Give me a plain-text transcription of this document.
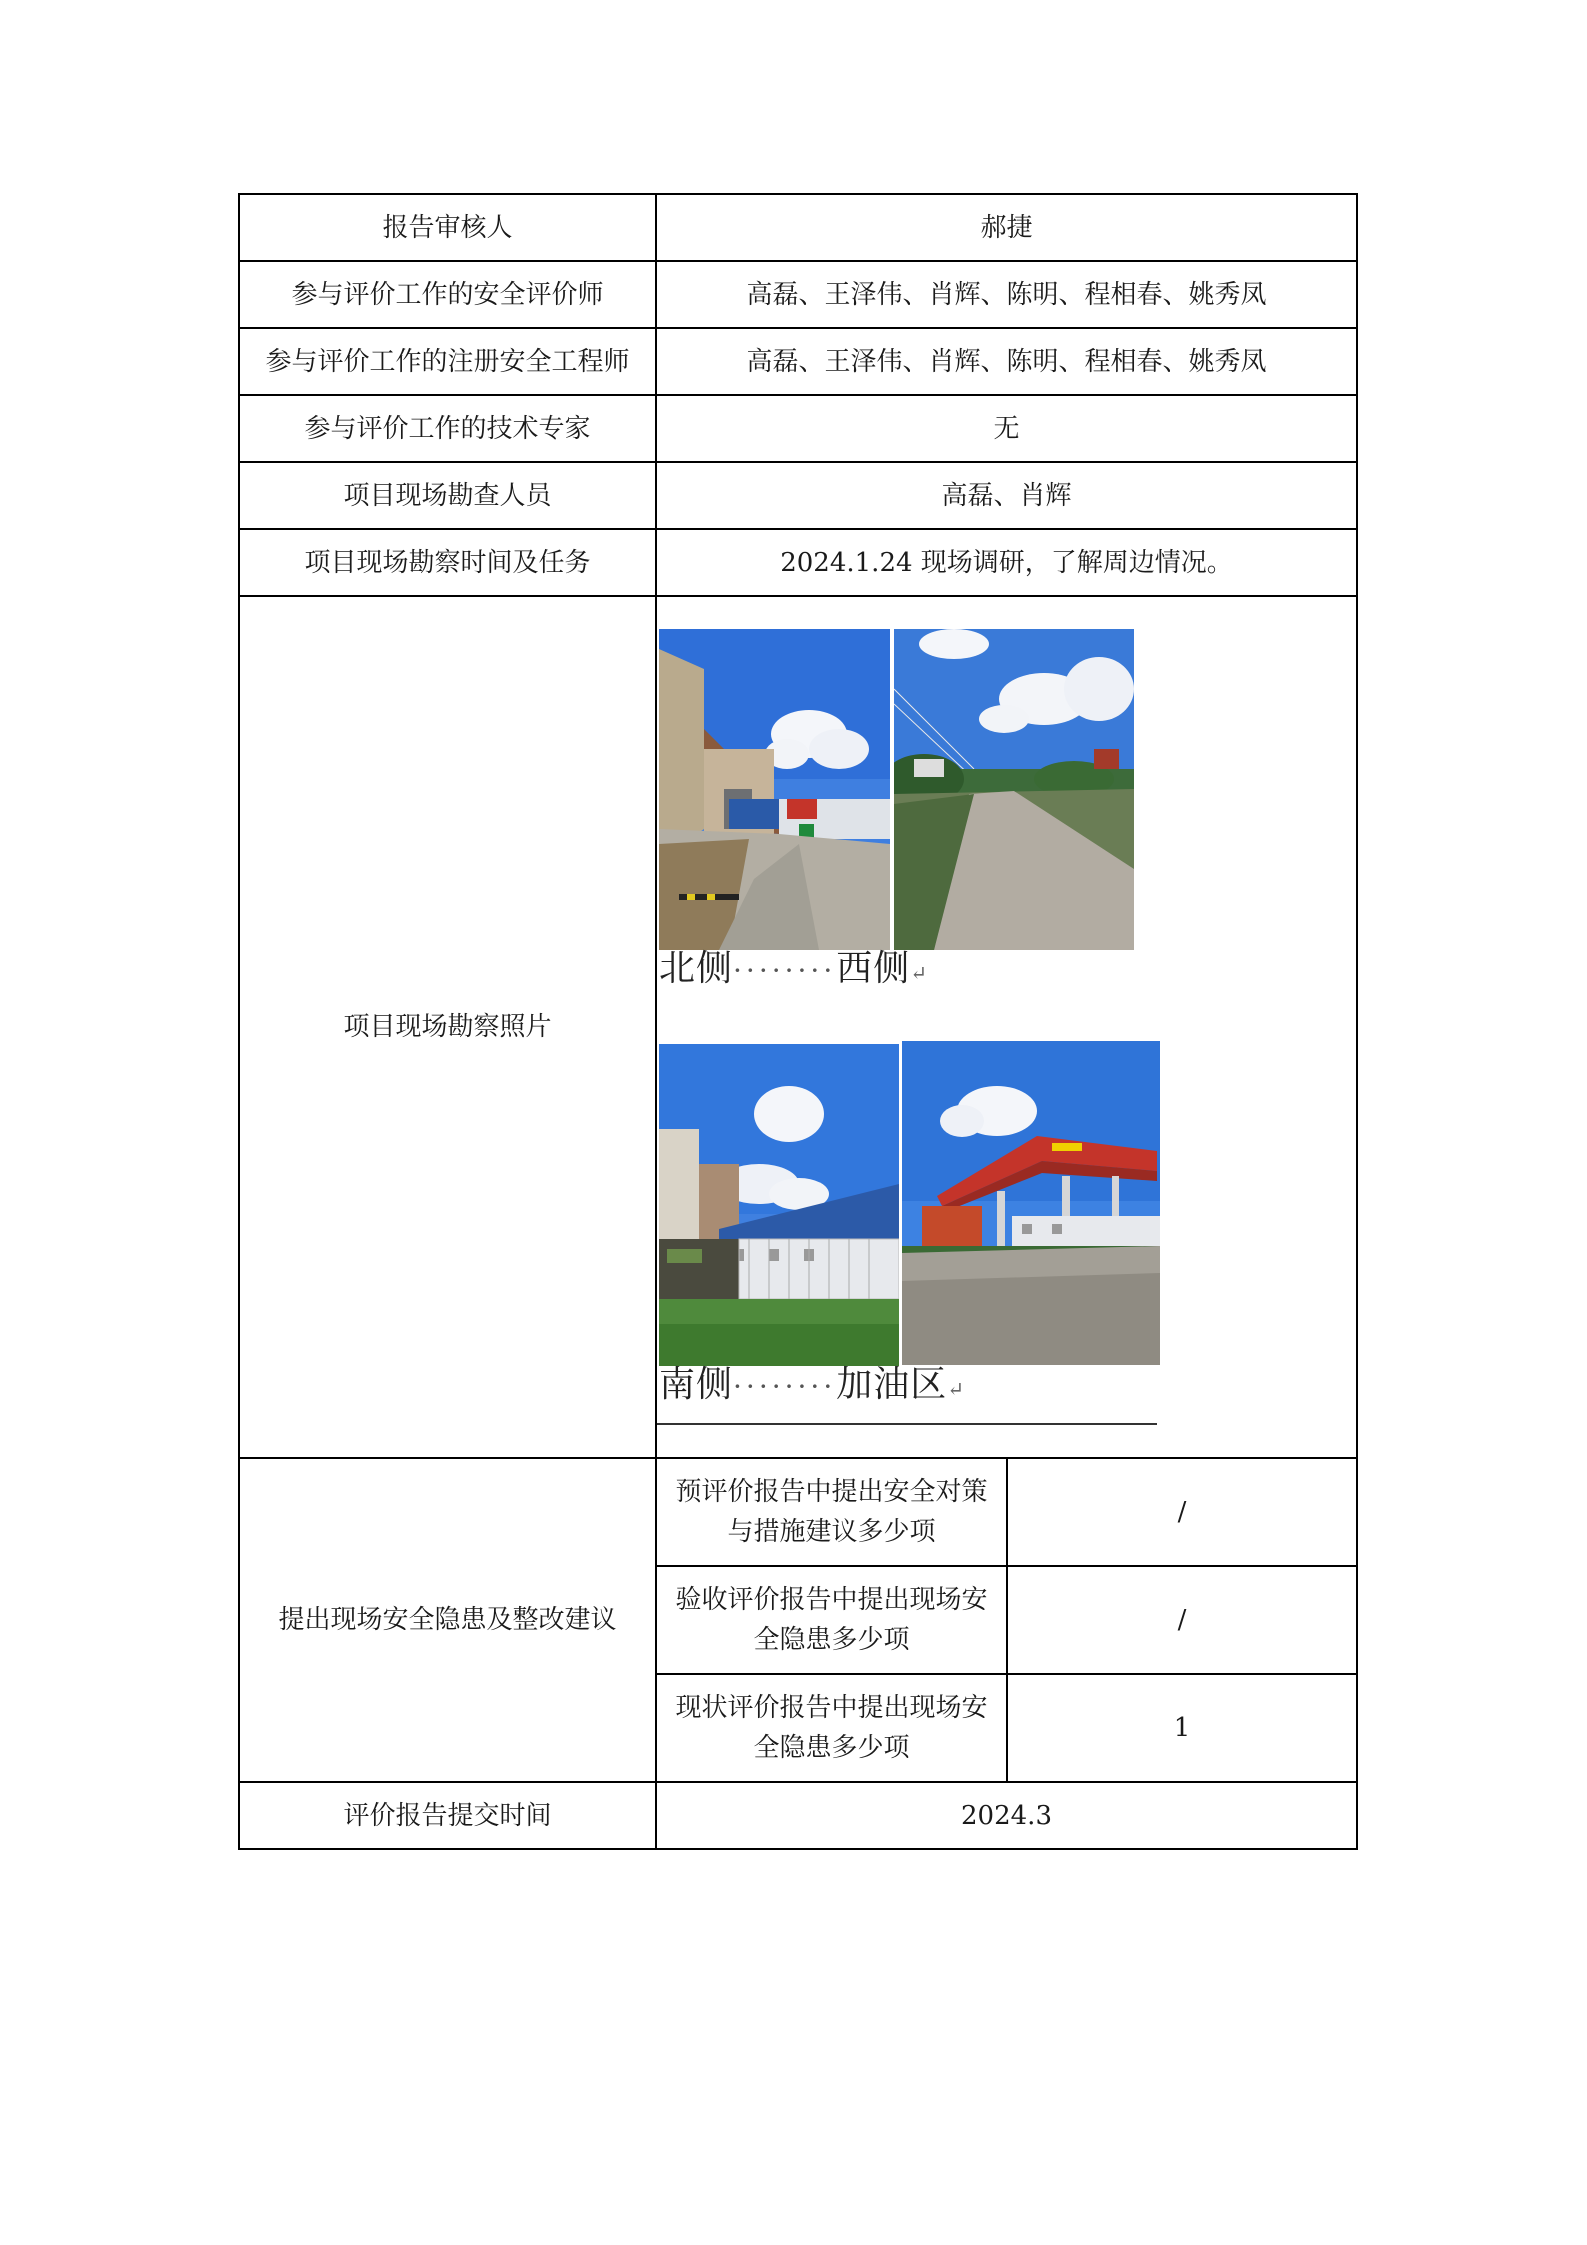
报告审核人	郝捷	
参与评价工作的安全评价师	高磊、王泽伟、肖辉、陈明、程相春、姚秀凤	
参与评价工作的注册安全工程师	高磊、王泽伟、肖辉、陈明、程相春、姚秀凤	
参与评价工作的技术专家	无	
项目现场勘查人员	高磊、肖辉	
项目现场勘察时间及任务	2024.1.24 现场调研，了解周边情况。	
项目现场勘察照片	北侧········西侧↵
南侧········加油区↵	

提出现场安全隐患及整改建议	预评价报告中提出安全对策与措施建议多少项	/
	验收评价报告中提出现场安全隐患多少项	/
	现状评价报告中提出现场安全隐患多少项	1
评价报告提交时间	2024.3	
